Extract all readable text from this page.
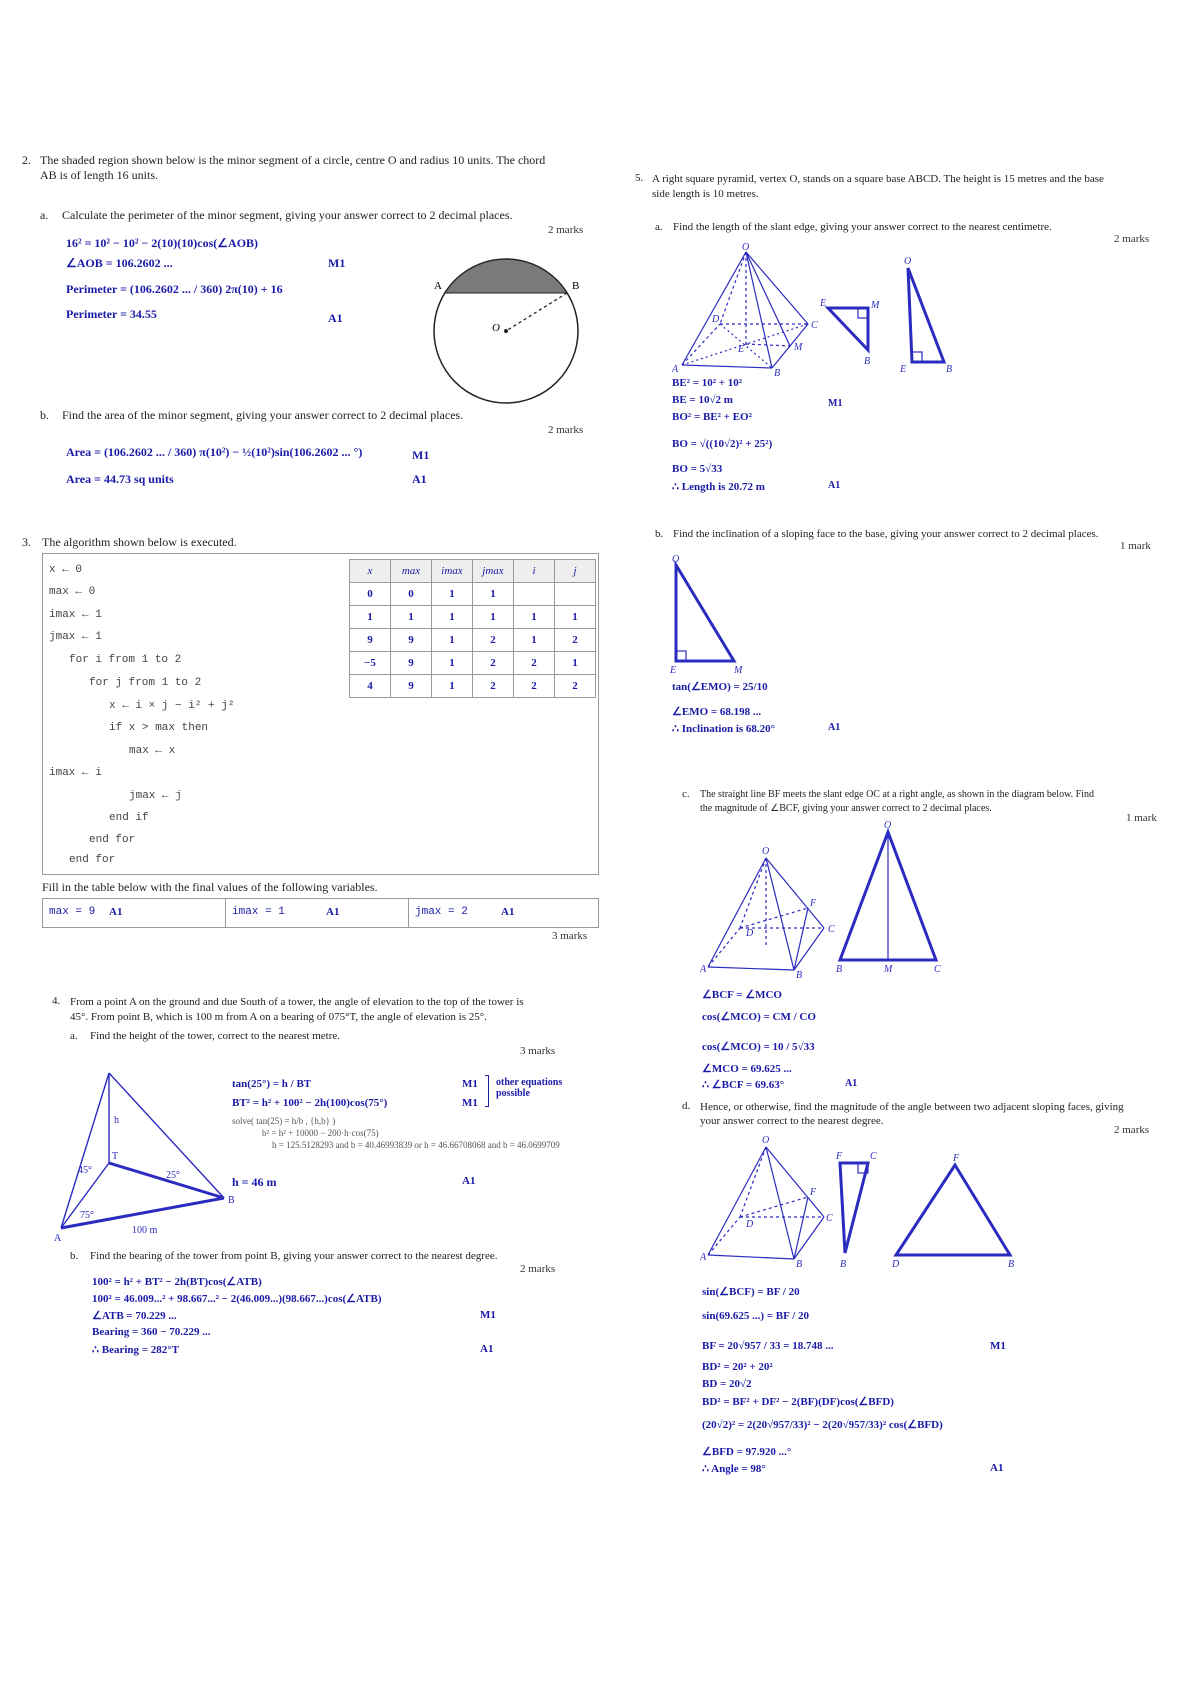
2. The shaded region shown below is the minor segment of a circle, centre O and radius 10 units. The chord
AB is of length 16 units.
a. Calculate the perimeter of the minor segment, giving your answer correct to 2 decimal places.
2 marks
16² = 10² − 10² − 2(10)(10)cos(∠AOB)
∠AOB = 106.2602 ...	M1
Perimeter = (106.2602 ... / 360) 2π(10) + 16
Perimeter = 34.55	A1
A	B
O
b. Find the area of the minor segment, giving your answer correct to 2 decimal places.
2 marks
Area = (106.2602 ... / 360) π(10²) − ½(10²)sin(106.2602 ... °)	M1
Area = 44.73 sq units	A1
3. The algorithm shown below is executed.
x ← 0
max ← 0
imax ← 1
jmax ← 1
for i from 1 to 2
for j from 1 to 2
x ← i × j − i² + j²
if x > max then
max ← x
imax ← i
jmax ← j
end if
end for
end for
x	max	imax	jmax	i	j
0	0	1	1		
1	1	1	1	1	1
9	9	1	2	1	2
−5	9	1	2	2	1
4	9	1	2	2	2
Fill in the table below with the final values of the following variables.
max = 9 A1	imax = 1	A1	jmax = 2	A1
3 marks
4. From a point A on the ground and due South of a tower, the angle of elevation to the top of the tower is
45°. From point B, which is 100 m from A on a bearing of 075°T, the angle of elevation is 25°.
a. Find the height of the tower, correct to the nearest metre.
3 marks
h
45°	25°
75°
100 m
A
B
T
tan(25°) = h / BT	M1
BT² = h² + 100² − 2h(100)cos(75°)	M1
other equations
possible
solve( tan(25) = h/b , {h,b} )
b² = h² + 10000 − 200·h·cos(75)
h = 125.5128293 and b = 40.46993839 or h = 46.66708068 and b = 46.0699709
h = 46 m	A1
b. Find the bearing of the tower from point B, giving your answer correct to the nearest degree.
2 marks
100² = h² + BT² − 2h(BT)cos(∠ATB)
100² = 46.009...² + 98.667...² − 2(46.009...)(98.667...)cos(∠ATB)
∠ATB = 70.229 ...	M1
Bearing = 360 − 70.229 ...
∴ Bearing = 282°T	A1
5. A right square pyramid, vertex O, stands on a square base ABCD. The height is 15 metres and the base
side length is 10 metres.
a. Find the length of the slant edge, giving your answer correct to the nearest centimetre.
2 marks
O
A	B
C
D
E	M
E	M
B
O
E	B
BE² = 10² + 10²
BE = 10√2 m	M1
BO² = BE² + EO²
BO = √((10√2)² + 25²)
BO = 5√33
∴ Length is 20.72 m	A1
b. Find the inclination of a sloping face to the base, giving your answer correct to 2 decimal places.
1 mark
O
E	M
tan(∠EMO) = 25/10
∠EMO = 68.198 ...
∴ Inclination is 68.20°	A1
c. The straight line BF meets the slant edge OC at a right angle, as shown in the diagram below. Find
the magnitude of ∠BCF, giving your answer correct to 2 decimal places.
1 mark
O
A
B
C
D
F
O
B	M	C
∠BCF = ∠MCO
cos(∠MCO) = CM / CO
cos(∠MCO) = 10 / 5√33
∠MCO = 69.625 ...
∴ ∠BCF = 69.63°	A1
d. Hence, or otherwise, find the magnitude of the angle between two adjacent sloping faces, giving
your answer correct to the nearest degree.
2 marks
O
A
B
C
D
F
F	C
B
F
D	B
sin(∠BCF) = BF / 20
sin(69.625 ...) = BF / 20
BF = 20√957 / 33 = 18.748 ...	M1
BD² = 20² + 20²
BD = 20√2
BD² = BF² + DF² − 2(BF)(DF)cos(∠BFD)
(20√2)² = 2(20√957/33)² − 2(20√957/33)² cos(∠BFD)
∠BFD = 97.920 ...°
∴ Angle = 98°	A1
